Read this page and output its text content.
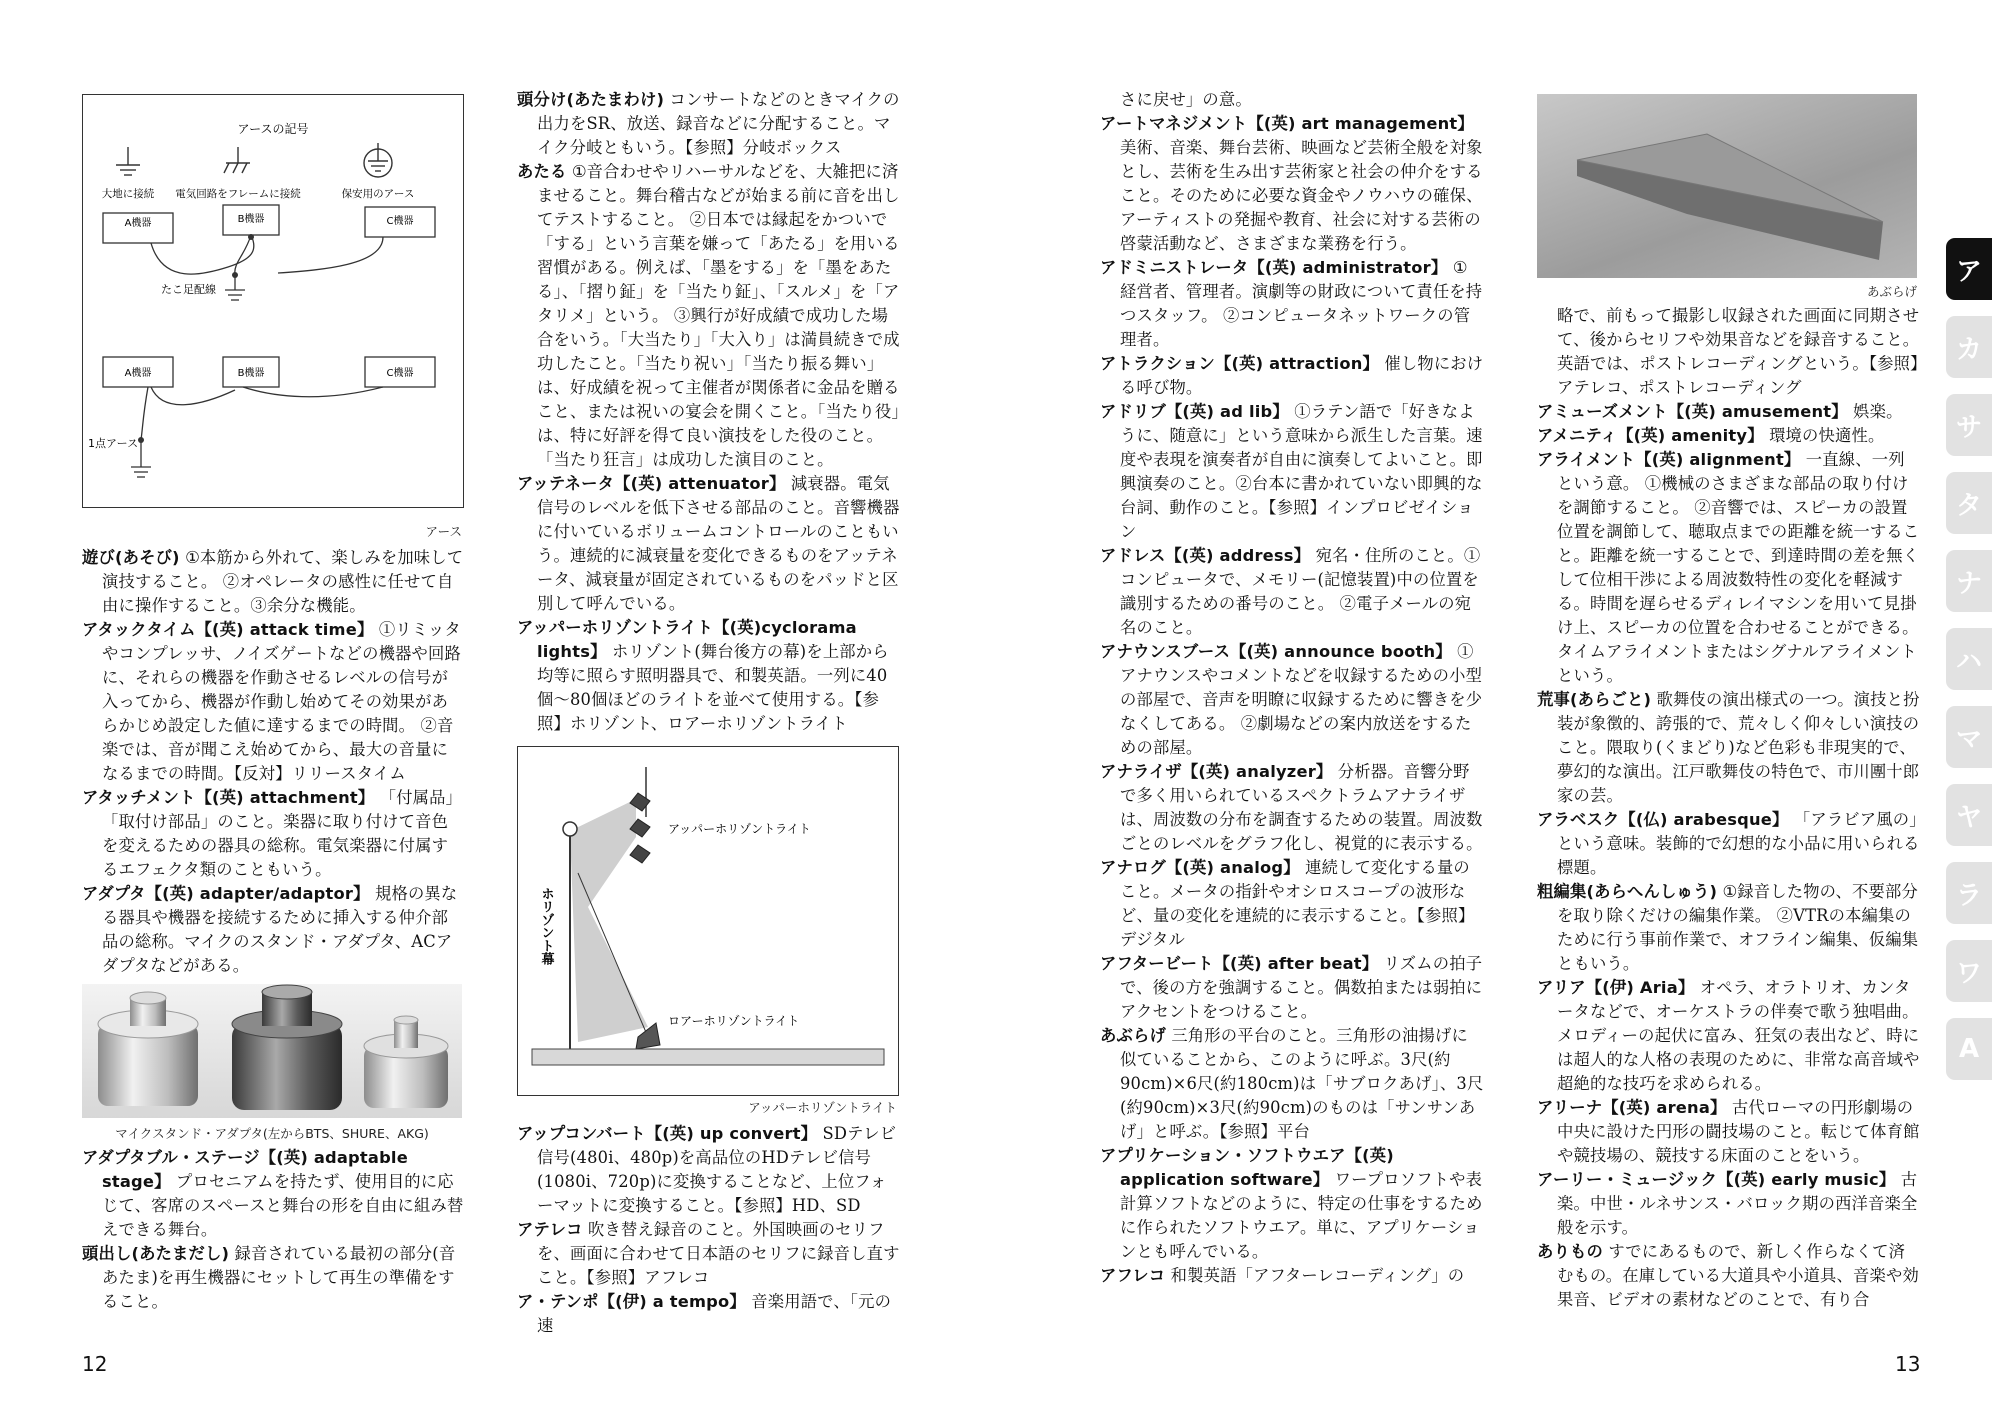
アースの記号
大地に接続 電気回路をフレームに接続	保安用のアース
A機器	B機器	C機器
たこ足配線
A機器	B機器	C機器
1点アース
アース
遊び(あそび) ①本筋から外れて、楽しみを加味して演技すること。 ②オペレータの感性に任せて自由に操作すること。③余分な機能。
アタックタイム【(英) attack time】 ①リミッタやコンプレッサ、ノイズゲートなどの機器や回路に、それらの機器を作動させるレベルの信号が入ってから、機器が作動し始めてその効果があらかじめ設定した値に達するまでの時間。 ②音楽では、音が聞こえ始めてから、最大の音量になるまでの時間。【反対】リリースタイム
アタッチメント【(英) attachment】 「付属品」「取付け部品」のこと。楽器に取り付けて音色を変えるための器具の総称。電気楽器に付属するエフェクタ類のこともいう。
アダプタ【(英) adapter/adaptor】 規格の異なる器具や機器を接続するために挿入する仲介部品の総称。マイクのスタンド・アダプタ、ACアダプタなどがある。
マイクスタンド・アダプタ(左からBTS、SHURE、AKG)
アダプタブル・ステージ【(英) adaptable stage】 プロセニアムを持たず、使用目的に応じて、客席のスペースと舞台の形を自由に組み替えできる舞台。
頭出し(あたまだし) 録音されている最初の部分(音あたま)を再生機器にセットして再生の準備をすること。
頭分け(あたまわけ) コンサートなどのときマイクの出力をSR、放送、録音などに分配すること。マイク分岐ともいう。【参照】分岐ボックス
あたる ①音合わせやリハーサルなどを、大雑把に済ませること。舞台稽古などが始まる前に音を出してテストすること。 ②日本では縁起をかついで「する」という言葉を嫌って「あたる」を用いる習慣がある。例えば、「墨をする」を「墨をあたる」、「摺り鉦」を「当たり鉦」、「スルメ」を「アタリメ」という。 ③興行が好成績で成功した場合をいう。「大当たり」「大入り」は満員続きで成功したこと。「当たり祝い」「当たり振る舞い」は、好成績を祝って主催者が関係者に金品を贈ること、または祝いの宴会を開くこと。「当たり役」は、特に好評を得て良い演技をした役のこと。「当たり狂言」は成功した演目のこと。
アッテネータ【(英) attenuator】 減衰器。電気信号のレベルを低下させる部品のこと。音響機器に付いているボリュームコントロールのこともいう。連続的に減衰量を変化できるものをアッテネータ、減衰量が固定されているものをパッドと区別して呼んでいる。
アッパーホリゾントライト【(英)cyclorama lights】 ホリゾント(舞台後方の幕)を上部から均等に照らす照明器具で、和製英語。一列に40個～80個ほどのライトを並べて使用する。【参照】ホリゾント、ロアーホリゾントライト
アッパーホリゾントライト
ロアーホリゾントライト
ホリゾント幕
アッパーホリゾントライト
アップコンバート【(英) up convert】 SDテレビ信号(480i、480p)を高品位のHDテレビ信号(1080i、720p)に変換することなど、上位フォーマットに変換すること。【参照】HD、SD
アテレコ 吹き替え録音のこと。外国映画のセリフを、画面に合わせて日本語のセリフに録音し直すこと。【参照】アフレコ
ア・テンポ【(伊) a tempo】 音楽用語で、「元の速
12
さに戻せ」の意。
アートマネジメント【(英) art management】 美術、音楽、舞台芸術、映画など芸術全般を対象とし、芸術を生み出す芸術家と社会の仲介をすること。そのために必要な資金やノウハウの確保、アーティストの発掘や教育、社会に対する芸術の啓蒙活動など、さまざまな業務を行う。
アドミニストレータ【(英) administrator】 ①経営者、管理者。演劇等の財政について責任を持つスタッフ。 ②コンピュータネットワークの管理者。
アトラクション【(英) attraction】 催し物における呼び物。
アドリブ【(英) ad lib】 ①ラテン語で「好きなように、随意に」という意味から派生した言葉。速度や表現を演奏者が自由に演奏してよいこと。即興演奏のこと。②台本に書かれていない即興的な台詞、動作のこと。【参照】インプロビゼイション
アドレス【(英) address】 宛名・住所のこと。①コンピュータで、メモリー(記憶装置)中の位置を識別するための番号のこと。 ②電子メールの宛名のこと。
アナウンスブース【(英) announce booth】 ①アナウンスやコメントなどを収録するための小型の部屋で、音声を明瞭に収録するために響きを少なくしてある。 ②劇場などの案内放送をするための部屋。
アナライザ【(英) analyzer】 分析器。音響分野で多く用いられているスペクトラムアナライザは、周波数の分布を調査するための装置。周波数ごとのレベルをグラフ化し、視覚的に表示する。
アナログ【(英) analog】 連続して変化する量のこと。メータの指針やオシロスコープの波形など、量の変化を連続的に表示すること。【参照】デジタル
アフタービート【(英) after beat】 リズムの拍子で、後の方を強調すること。偶数拍または弱拍にアクセントをつけること。
あぶらげ 三角形の平台のこと。三角形の油揚げに似ていることから、このように呼ぶ。3尺(約90cm)×6尺(約180cm)は「サブロクあげ」、3尺(約90cm)×3尺(約90cm)のものは「サンサンあげ」と呼ぶ。【参照】平台
アプリケーション・ソフトウエア【(英) application software】 ワープロソフトや表計算ソフトなどのように、特定の仕事をするために作られたソフトウエア。単に、アプリケーションとも呼んでいる。
アフレコ 和製英語「アフターレコーディング」の
あぶらげ
略で、前もって撮影し収録された画面に同期させて、後からセリフや効果音などを録音すること。英語では、ポストレコーディングという。【参照】アテレコ、ポストレコーディング
アミューズメント【(英) amusement】 娯楽。
アメニティ【(英) amenity】 環境の快適性。
アライメント【(英) alignment】 一直線、一列という意。 ①機械のさまざまな部品の取り付けを調節すること。 ②音響では、スピーカの設置位置を調節して、聴取点までの距離を統一すること。距離を統一することで、到達時間の差を無くして位相干渉による周波数特性の変化を軽減する。時間を遅らせるディレイマシンを用いて見掛け上、スピーカの位置を合わせることができる。タイムアライメントまたはシグナルアライメントという。
荒事(あらごと) 歌舞伎の演出様式の一つ。演技と扮装が象徴的、誇張的で、荒々しく仰々しい演技のこと。隈取り(くまどり)など色彩も非現実的で、夢幻的な演出。江戸歌舞伎の特色で、市川團十郎家の芸。
アラベスク【(仏) arabesque】 「アラビア風の」という意味。装飾的で幻想的な小品に用いられる標題。
粗編集(あらへんしゅう) ①録音した物の、不要部分を取り除くだけの編集作業。 ②VTRの本編集のために行う事前作業で、オフライン編集、仮編集ともいう。
アリア【(伊) Aria】 オペラ、オラトリオ、カンタータなどで、オーケストラの伴奏で歌う独唱曲。メロディーの起伏に富み、狂気の表出など、時には超人的な人格の表現のために、非常な高音域や超絶的な技巧を求められる。
アリーナ【(英) arena】 古代ローマの円形劇場の中央に設けた円形の闘技場のこと。転じて体育館や競技場の、競技する床面のことをいう。
アーリー・ミュージック【(英) early music】 古楽。中世・ルネサンス・バロック期の西洋音楽全般を示す。
ありもの すでにあるもので、新しく作らなくて済むもの。在庫している大道具や小道具、音楽や効果音、ビデオの素材などのことで、有り合
13
ア
カ
サ
タ
ナ
ハ
マ
ヤ
ラ
ワ
A
